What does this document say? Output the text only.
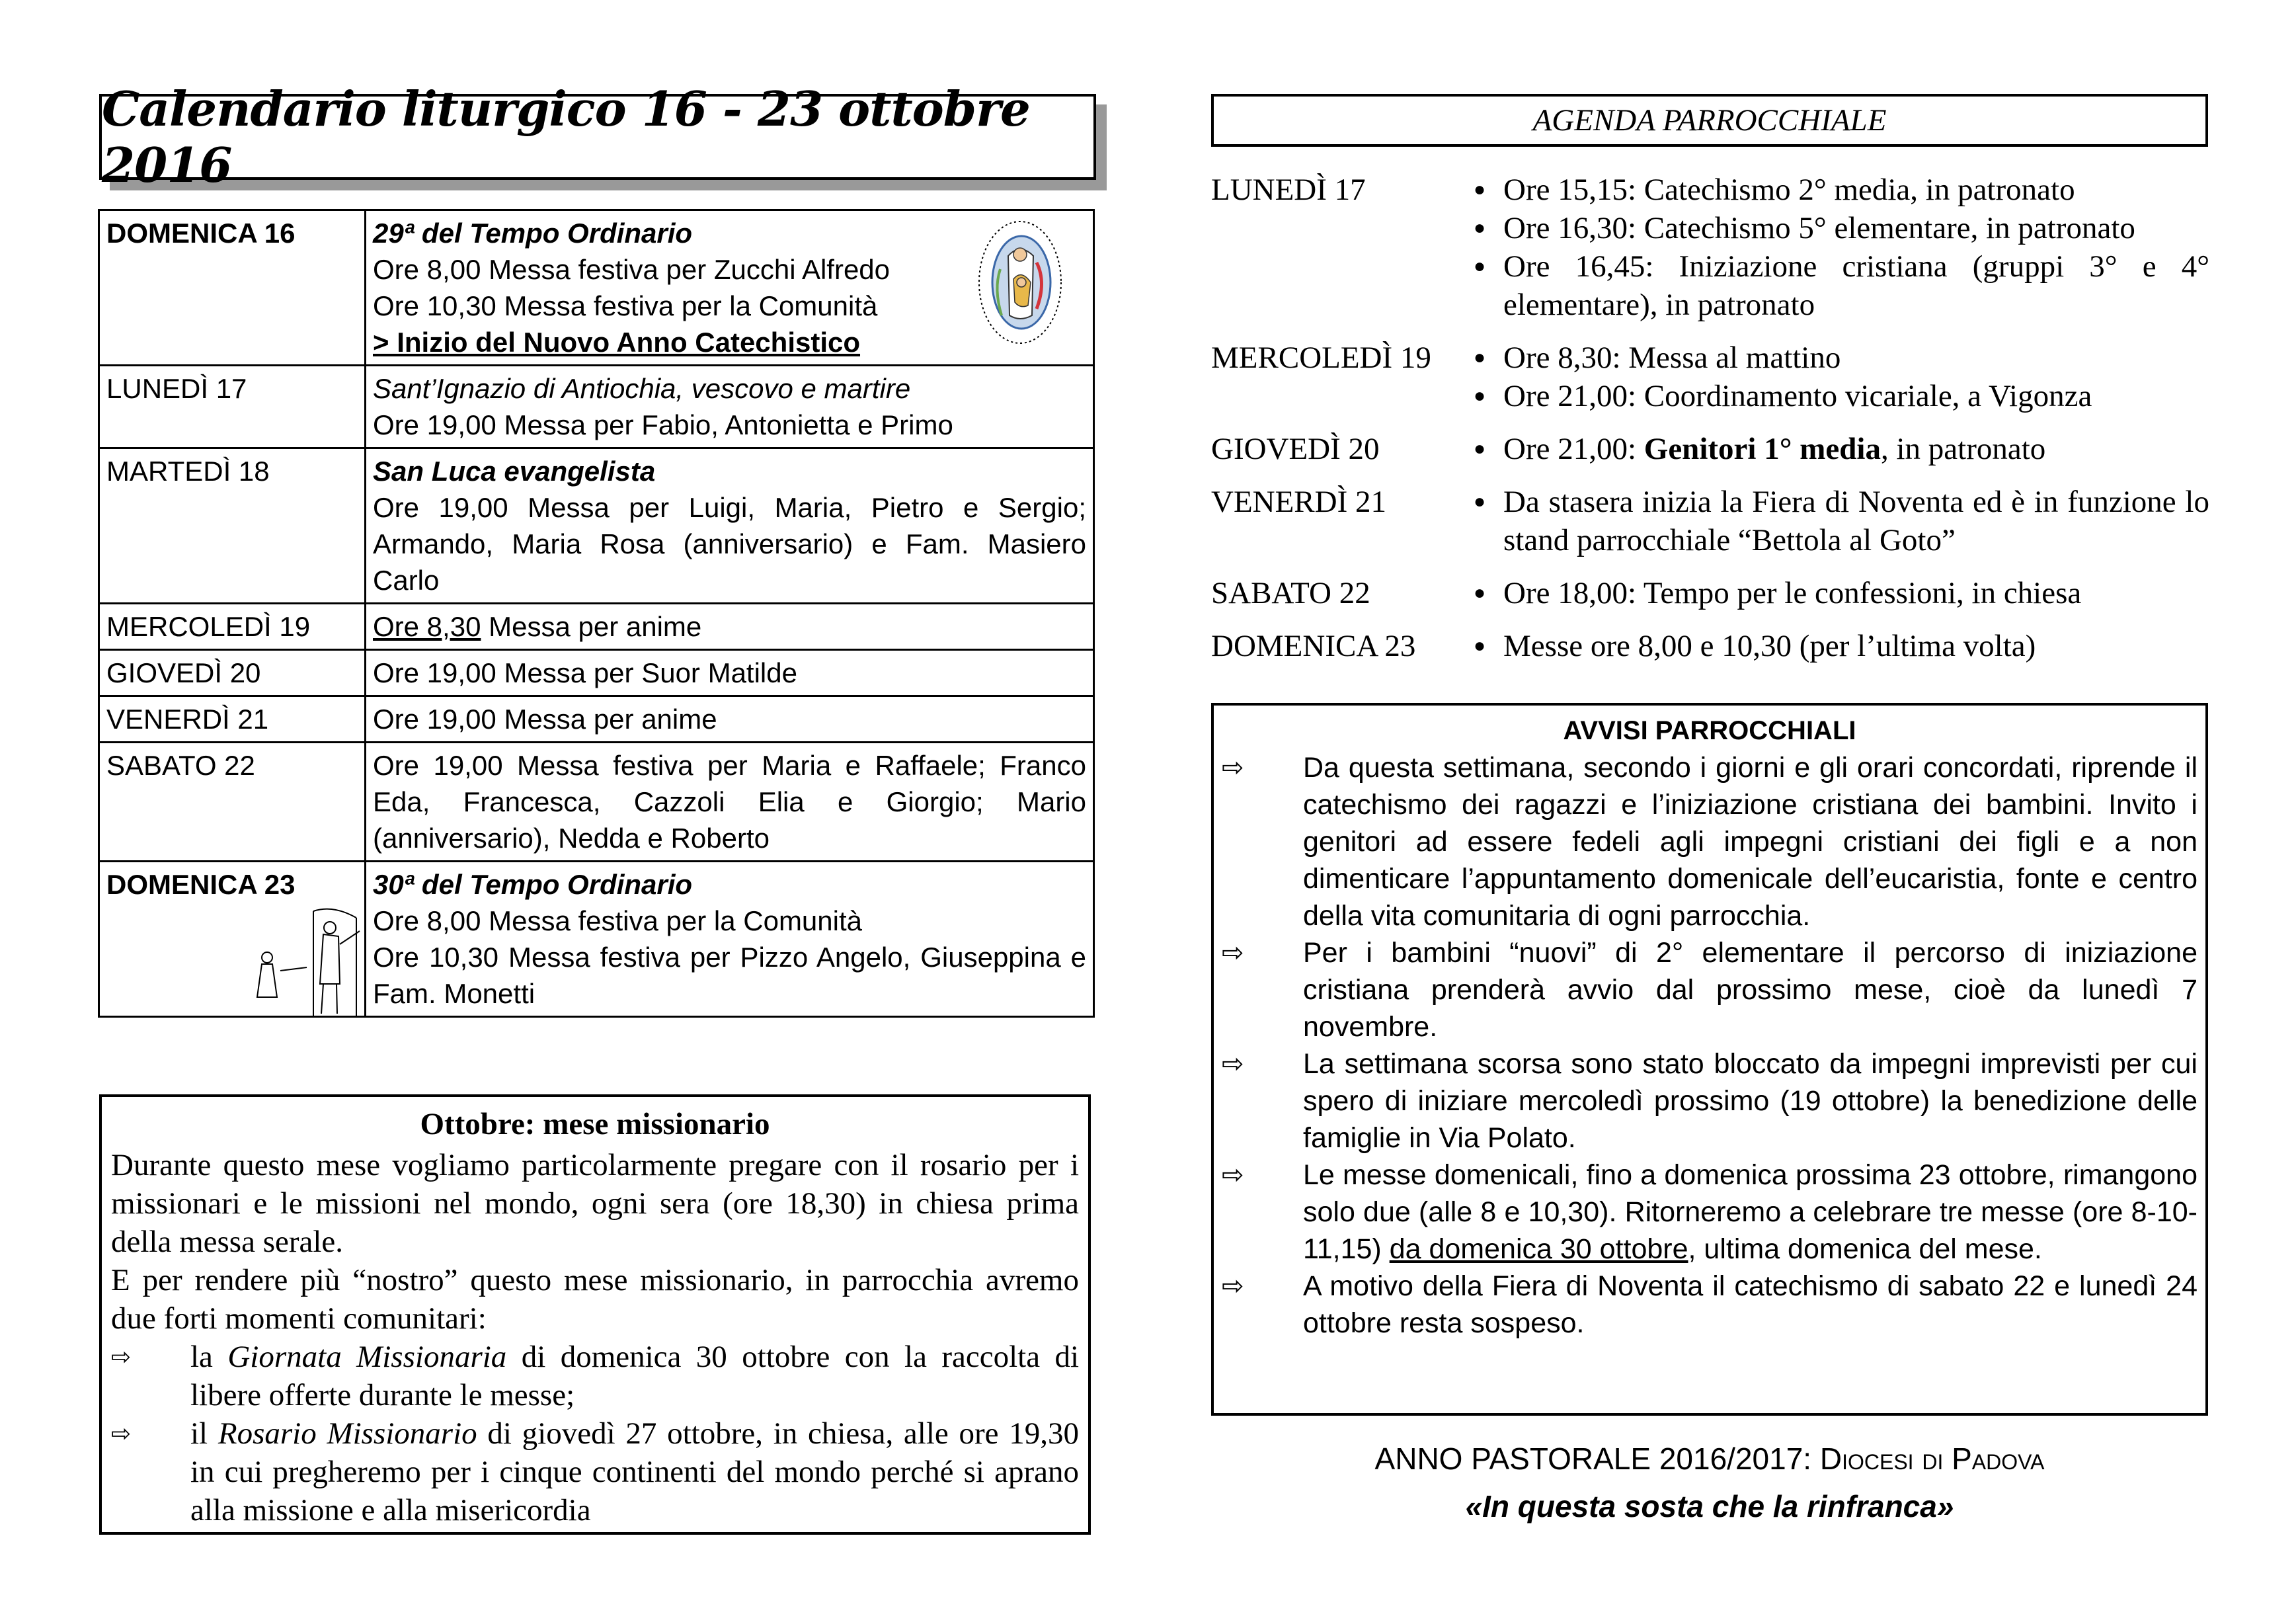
Calendario liturgico 16 - 23 ottobre 2016
DOMENICA 16	29ª del Tempo Ordinario
Ore 8,00 Messa festiva per Zucchi Alfredo
Ore 10,30 Messa festiva per la Comunità
> Inizio del Nuovo Anno Catechistico

LUNEDÌ 17	Sant’Ignazio di Antiochia, vescovo e martire
Ore 19,00 Messa per Fabio, Antonietta e Primo

MARTEDÌ 18	San Luca evangelista
Ore 19,00 Messa per Luigi, Maria, Pietro e Sergio; Armando, Maria Rosa (anniversario) e Fam. Masiero Carlo

MERCOLEDÌ 19	Ore 8,30 Messa per anime
GIOVEDÌ 20	Ore 19,00 Messa per Suor Matilde

VENERDÌ 21	Ore 19,00 Messa per anime

SABATO 22	Ore 19,00 Messa festiva per Maria e Raffaele; Franco Eda, Francesca, Cazzoli Elia e Giorgio; Mario (anniversario), Nedda e Roberto

DOMENICA 23	30ª del Tempo Ordinario
Ore 8,00 Messa festiva per la Comunità
Ore 10,30 Messa festiva per Pizzo Angelo, Giuseppina e Fam. Monetti
Ottobre: mese missionario

Durante questo mese vogliamo particolarmente pregare con il rosario per i missionari e le missioni nel mondo, ogni sera (ore 18,30) in chiesa prima della messa serale.

E per rendere più “nostro” questo mese missionario, in parrocchia avremo due forti momenti comunitari:

⇨	la Giornata Missionaria di domenica 30 ottobre con la raccolta di libere offerte durante le messe;
⇨	il Rosario Missionario di giovedì 27 ottobre, in chiesa, alle ore 19,30 in cui pregheremo per i cinque continenti del mondo perché si aprano alla missione e alla misericordia
AGENDA PARROCCHIALE
LUNEDÌ 17	● Ore 15,15: Catechismo 2° media, in patronato
● Ore 16,30: Catechismo 5° elementare, in patronato
● Ore 16,45: Iniziazione cristiana (gruppi 3° e 4° elementare), in patronato
MERCOLEDÌ 19	● Ore 8,30: Messa al mattino
● Ore 21,00: Coordinamento vicariale, a Vigonza
GIOVEDÌ 20	● Ore 21,00: Genitori 1° media, in patronato
VENERDÌ 21	● Da stasera inizia la Fiera di Noventa ed è in funzione lo stand parrocchiale “Bettola al Goto”
SABATO 22	● Ore 18,00: Tempo per le confessioni, in chiesa
DOMENICA 23	● Messe ore 8,00 e 10,30 (per l’ultima volta)
AVVISI PARROCCHIALI
⇨	Da questa settimana, secondo i giorni e gli orari concordati, riprende il catechismo dei ragazzi e l’iniziazione cristiana dei bambini. Invito i genitori ad essere fedeli agli impegni cristiani dei figli e a non dimenticare l’appuntamento domenicale dell’eucaristia, fonte e centro della vita comunitaria di ogni parrocchia.
⇨	Per i bambini “nuovi” di 2° elementare il percorso di iniziazione cristiana prenderà avvio dal prossimo mese, cioè da lunedì 7 novembre.
⇨	La settimana scorsa sono stato bloccato da impegni imprevisti per cui spero di iniziare mercoledì prossimo (19 ottobre) la benedizione delle famiglie in Via Polato.
⇨	Le messe domenicali, fino a domenica prossima 23 ottobre, rimangono solo due (alle 8 e 10,30). Ritorneremo a celebrare tre messe (ore 8-10-11,15) da domenica 30 ottobre, ultima domenica del mese.
⇨	A motivo della Fiera di Noventa il catechismo di sabato 22 e lunedì 24 ottobre resta sospeso.
ANNO PASTORALE 2016/2017: Diocesi di Padova
«In questa sosta che la rinfranca»
